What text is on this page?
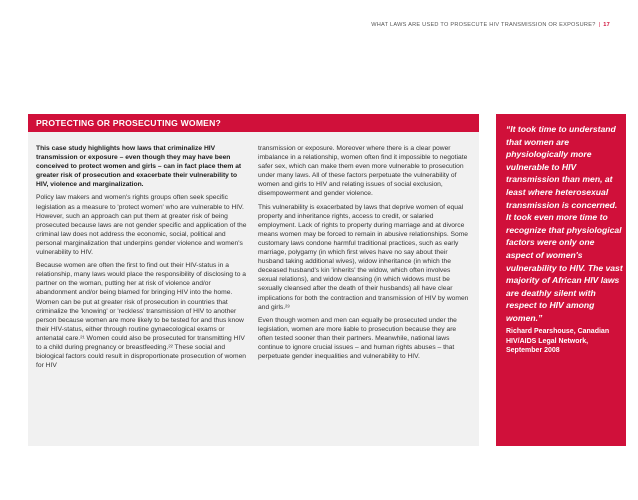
WHAT LAWS ARE USED TO PROSECUTE HIV TRANSMISSION OR EXPOSURE? | 17
PROTECTING OR PROSECUTING WOMEN?

This case study highlights how laws that criminalize HIV transmission or exposure – even though they may have been conceived to protect women and girls – can in fact place them at greater risk of prosecution and exacerbate their vulnerability to HIV, violence and marginalization.

Policy law makers and women's rights groups often seek specific legislation as a measure to 'protect women' who are vulnerable to HIV. However, such an approach can put them at greater risk of being prosecuted because laws are not gender specific and application of the criminal law does not address the economic, social, political and personal marginalization that underpins gender violence and women's vulnerability to HIV.

Because women are often the first to find out their HIV-status in a relationship, many laws would place the responsibility of disclosing to a partner on the woman, putting her at risk of violence and/or abandonment and/or being blamed for bringing HIV into the home. Women can be put at greater risk of prosecution in countries that criminalize the 'knowing' or 'reckless' transmission of HIV to another person because women are more likely to be tested for and thus know their HIV-status, either through routine gynaecological exams or antenatal care.²¹ Women could also be prosecuted for transmitting HIV to a child during pregnancy or breastfeeding.²² These social and biological factors could result in disproportionate prosecution of women for HIV

transmission or exposure. Moreover where there is a clear power imbalance in a relationship, women often find it impossible to negotiate safer sex, which can make them even more vulnerable to prosecution under many laws. All of these factors perpetuate the vulnerability of women and girls to HIV and relating issues of social exclusion, disempowerment and gender violence.

This vulnerability is exacerbated by laws that deprive women of equal property and inheritance rights, access to credit, or salaried employment. Lack of rights to property during marriage and at divorce means women may be forced to remain in abusive relationships. Some customary laws condone harmful traditional practices, such as early marriage, polygamy (in which first wives have no say about their husband taking additional wives), widow inheritance (in which the deceased husband's kin 'inherits' the widow, which often involves sexual relations), and widow cleansing (in which widows must be sexually cleansed after the death of their husbands) all have clear implications for both the contraction and transmission of HIV by women and girls.²³

Even though women and men can equally be prosecuted under the legislation, women are more liable to prosecution because they are often tested sooner than their partners. Meanwhile, national laws continue to ignore crucial issues – and human rights abuses – that perpetuate gender inequalities and vulnerability to HIV.

“It took time to understand that women are physiologically more vulnerable to HIV transmission than men, at least where heterosexual transmission is concerned. It took even more time to recognize that physiological factors were only one aspect of women's vulnerability to HIV. The vast majority of African HIV laws are deathly silent with respect to HIV among women.”
Richard Pearshouse, Canadian HIV/AIDS Legal Network,
September 2008
